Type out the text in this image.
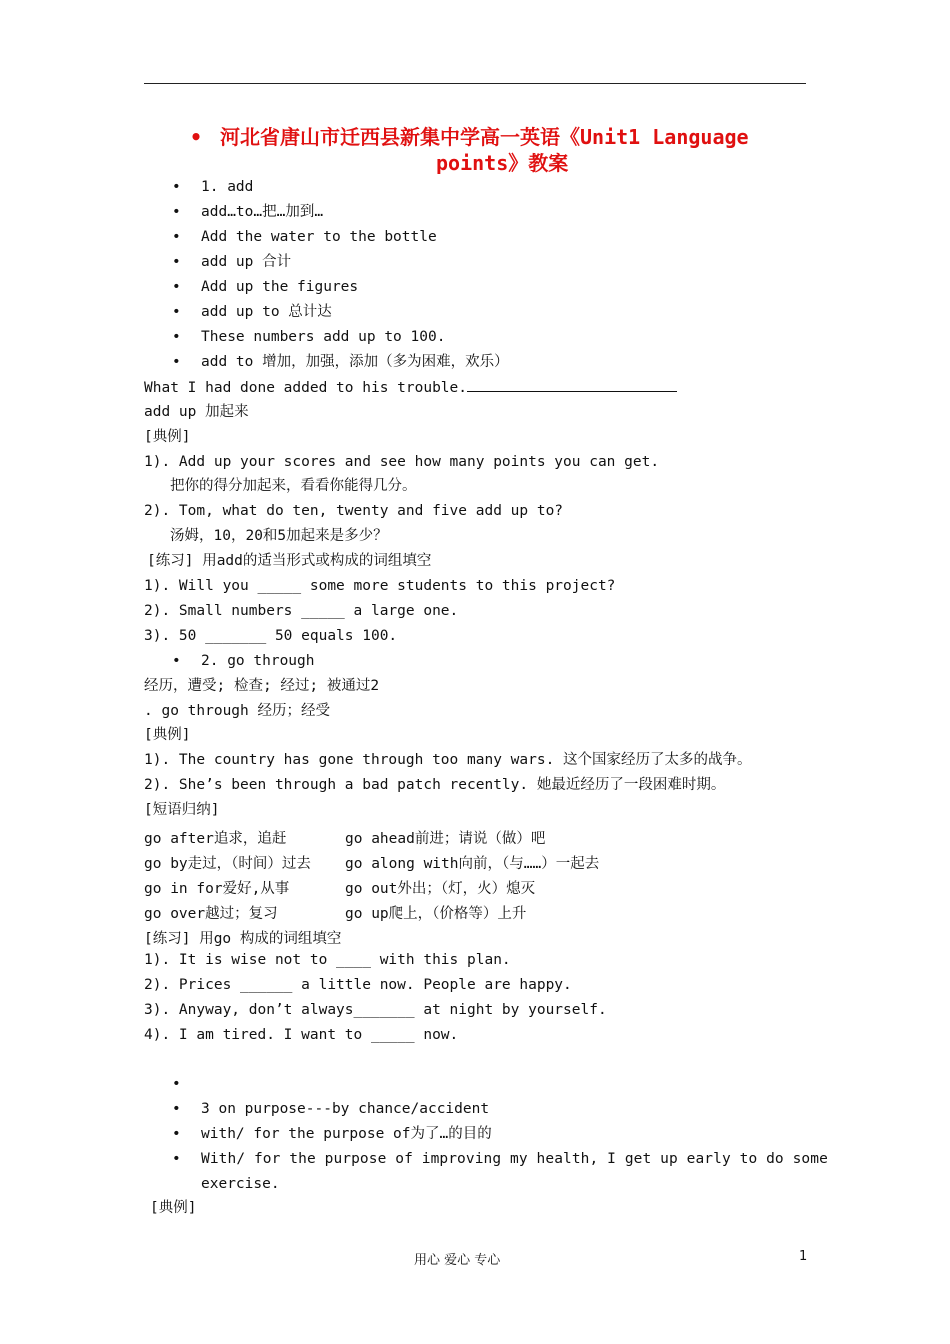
• 河北省唐山市迁西县新集中学高一英语《Unit1 Language
points》教案
• 1. add
• add…to…把…加到…
• Add the water to the bottle
• add up 合计
• Add up the figures
• add up to 总计达
• These numbers add up to 100.
• add to 增加，加强，添加（多为困难，欢乐）
What I had done added to his trouble.
add up 加起来
[典例]
1). Add up your scores and see how many points you can get.
把你的得分加起来，看看你能得几分。
2). Tom, what do ten, twenty and five add up to?
汤姆，10，20和5加起来是多少？
[练习] 用add的适当形式或构成的词组填空
1). Will you _____ some more students to this project?
2). Small numbers _____ a large one.
3). 50 _______ 50 equals 100.
• 2. go through
经历，遭受; 检查; 经过; 被通过2
. go through 经历；经受
[典例]
1). The country has gone through too many wars. 这个国家经历了太多的战争。
2). She’s been through a bad patch recently. 她最近经历了一段困难时期。
[短语归纳]
go after追求，追赶	go ahead前进；请说（做）吧
go by走过，（时间）过去 go along with向前，（与……）一起去
go in for爱好,从事	go out外出；（灯，火）熄灭
go over越过；复习	go up爬上，（价格等）上升
[练习] 用go 构成的词组填空
1). It is wise not to ____ with this plan.
2). Prices ______ a little now. People are happy.
3). Anyway, don’t always_______ at night by yourself.
4). I am tired. I want to _____ now.
•
• 3 on purpose---by chance/accident
• with/ for the purpose of为了…的目的
• With/ for the purpose of improving my health, I get up early to do some
exercise.
[典例]
用心 爱心 专心	1
